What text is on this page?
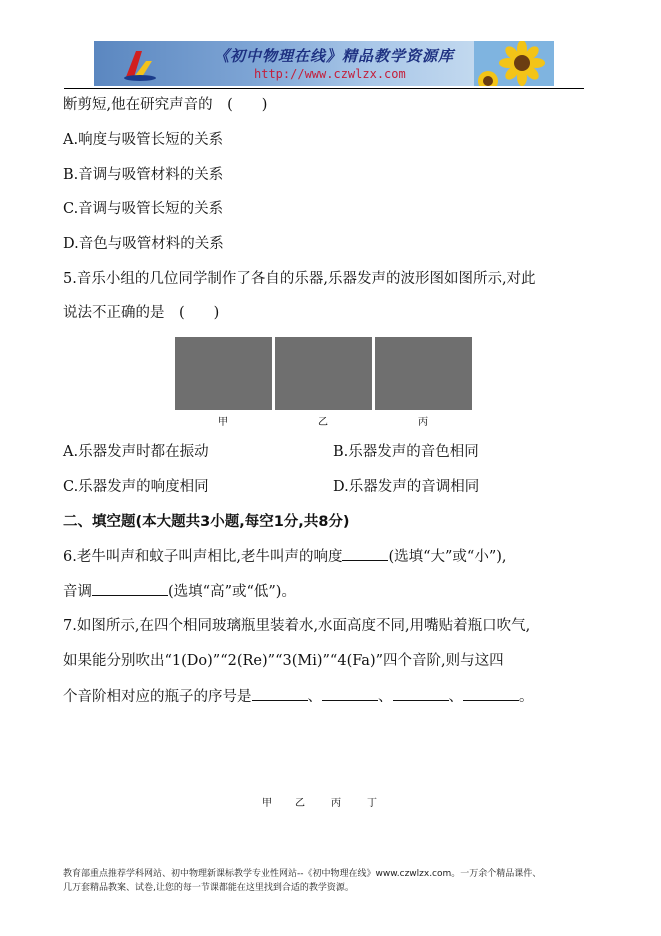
《初中物理在线》精品教学资源库
http://www.czwlzx.com
断剪短,他在研究声音的　(　　)
A.响度与吸管长短的关系
B.音调与吸管材料的关系
C.音调与吸管长短的关系
D.音色与吸管材料的关系
5.音乐小组的几位同学制作了各自的乐器,乐器发声的波形图如图所示,对此
说法不正确的是　(　　)
甲	乙	丙
A.乐器发声时都在振动	B.乐器发声的音色相同
C.乐器发声的响度相同	D.乐器发声的音调相同
二、填空题(本大题共3小题,每空1分,共8分)
6.老牛叫声和蚊子叫声相比,老牛叫声的响度	(选填“大”或“小”),
音调	(选填“高”或“低”)。
7.如图所示,在四个相同玻璃瓶里装着水,水面高度不同,用嘴贴着瓶口吹气,
如果能分别吹出“1(Do)”“2(Re)”“3(Mi)”“4(Fa)”四个音阶,则与这四
个音阶相对应的瓶子的序号是	、	、	、	。
甲 乙	丙	丁
教育部重点推荐学科网站、初中物理新课标教学专业性网站--《初中物理在线》www.czwlzx.com。一万余个精品课件、
几万套精品教案、试卷,让您的每一节课都能在这里找到合适的教学资源。
